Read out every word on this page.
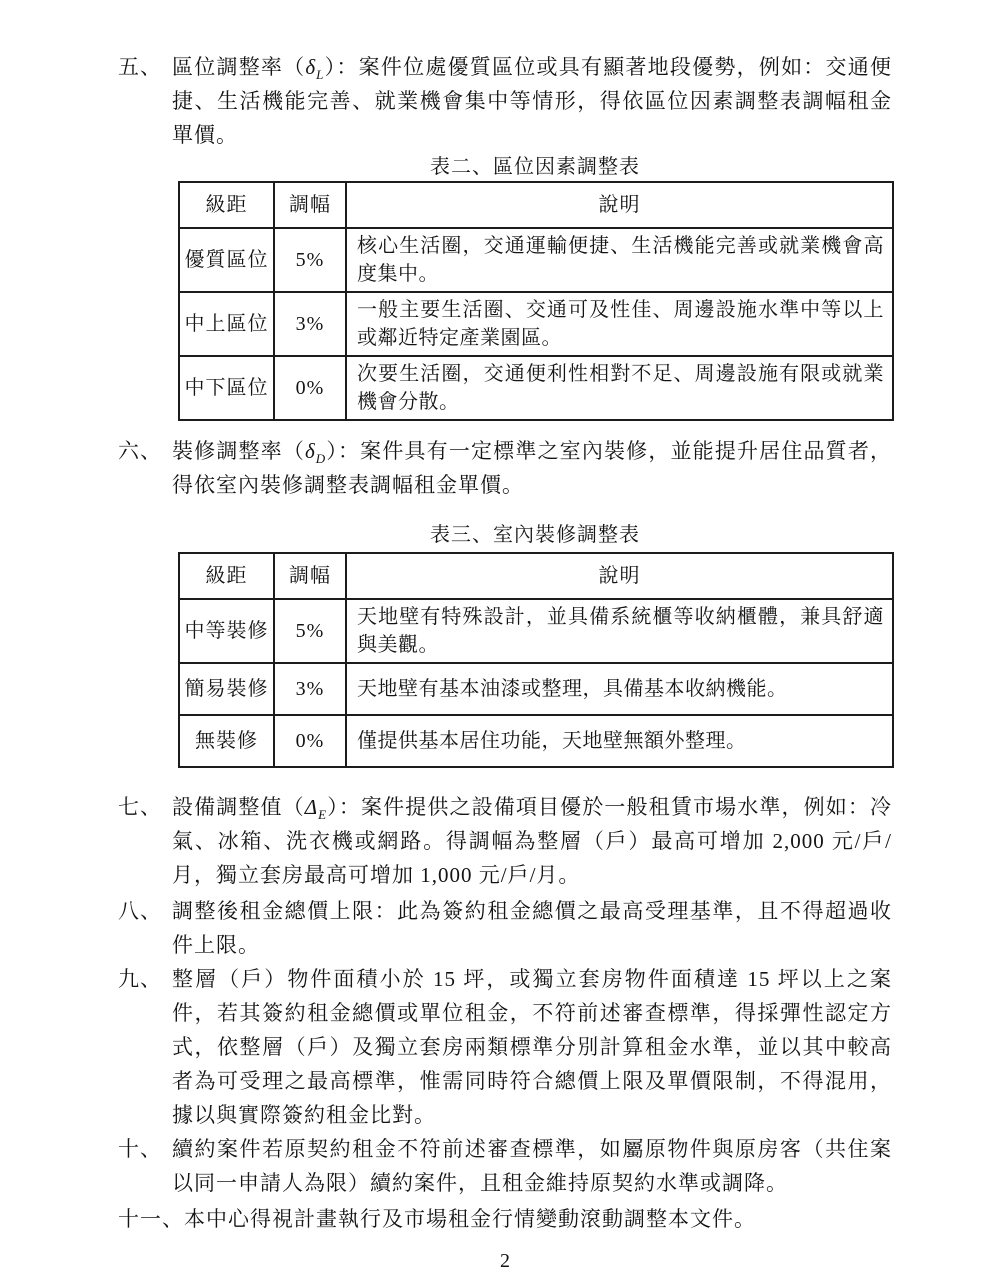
五、 區位調整率$(\delta_L)$：案件位處優質區位或具有顯著地段優勢，例如：交通便捷、生活機能完善、就業機會集中等情形，得依區位因素調整表調幅租金單價。
表二、區位因素調整表
級距	調幅	說明
優質區位	5%	核心生活圈，交通運輸便捷、生活機能完善或就業機會高度集中。
中上區位	3%	一般主要生活圈、交通可及性佳、周邊設施水準中等以上或鄰近特定產業園區。
中下區位	0%	次要生活圈，交通便利性相對不足、周邊設施有限或就業機會分散。
六、 裝修調整率$(\delta_D)$：案件具有一定標準之室內裝修，並能提升居住品質者，得依室內裝修調整表調幅租金單價。
表三、室內裝修調整表
級距	調幅	說明
中等裝修	5%	天地壁有特殊設計，並具備系統櫃等收納櫃體，兼具舒適與美觀。
簡易裝修	3%	天地壁有基本油漆或整理，具備基本收納機能。
無裝修	0%	僅提供基本居住功能，天地壁無額外整理。
七、 設備調整值$(\Delta_E)$：案件提供之設備項目優於一般租賃市場水準，例如：冷氣、冰箱、洗衣機或網路。得調幅為整層（戶）最高可增加 2,000 元/戶/月，獨立套房最高可增加 1,000 元/戶/月。
八、 調整後租金總價上限：此為簽約租金總價之最高受理基準，且不得超過收件上限。
九、 整層（戶）物件面積小於 15 坪，或獨立套房物件面積達 15 坪以上之案件，若其簽約租金總價或單位租金，不符前述審查標準，得採彈性認定方式，依整層（戶）及獨立套房兩類標準分別計算租金水準，並以其中較高者為可受理之最高標準，惟需同時符合總價上限及單價限制，不得混用，據以與實際簽約租金比對。
十、 續約案件若原契約租金不符前述審查標準，如屬原物件與原房客（共住案以同一申請人為限）續約案件，且租金維持原契約水準或調降。
十一、 本中心得視計畫執行及市場租金行情變動滾動調整本文件。
2
